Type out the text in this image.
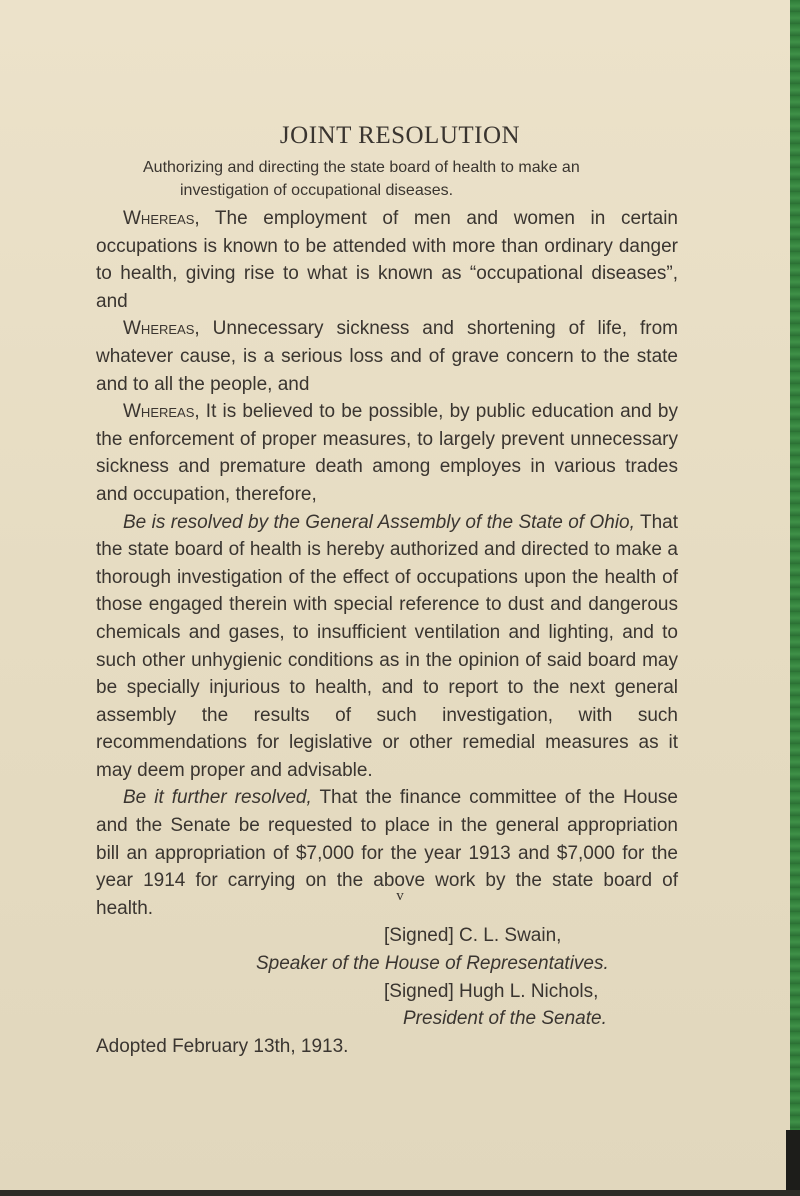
JOINT RESOLUTION
Authorizing and directing the state board of health to make an
investigation of occupational diseases.

Whereas, The employment of men and women in certain occupations is known to be attended with more than ordinary danger to health, giving rise to what is known as “occupational diseases”, and

Whereas, Unnecessary sickness and shortening of life, from whatever cause, is a serious loss and of grave concern to the state and to all the people, and

Whereas, It is believed to be possible, by public education and by the enforcement of proper measures, to largely prevent unnecessary sickness and premature death among employes in various trades and occupation, therefore,

Be is resolved by the General Assembly of the State of Ohio, That the state board of health is hereby authorized and directed to make a thorough investigation of the effect of occupations upon the health of those engaged therein with special reference to dust and dangerous chemicals and gases, to insufficient ventilation and lighting, and to such other unhygienic conditions as in the opinion of said board may be specially injurious to health, and to report to the next general assembly the results of such investigation, with such recommendations for legislative or other remedial measures as it may deem proper and advisable.

Be it further resolved, That the finance committee of the House and the Senate be requested to place in the general appropriation bill an appropriation of $7,000 for the year 1913 and $7,000 for the year 1914 for carrying on the above work by the state board of health.

[Signed] C. L. Swain,

Speaker of the House of Representatives.

[Signed] Hugh L. Nichols,

President of the Senate.

Adopted February 13th, 1913.

v
